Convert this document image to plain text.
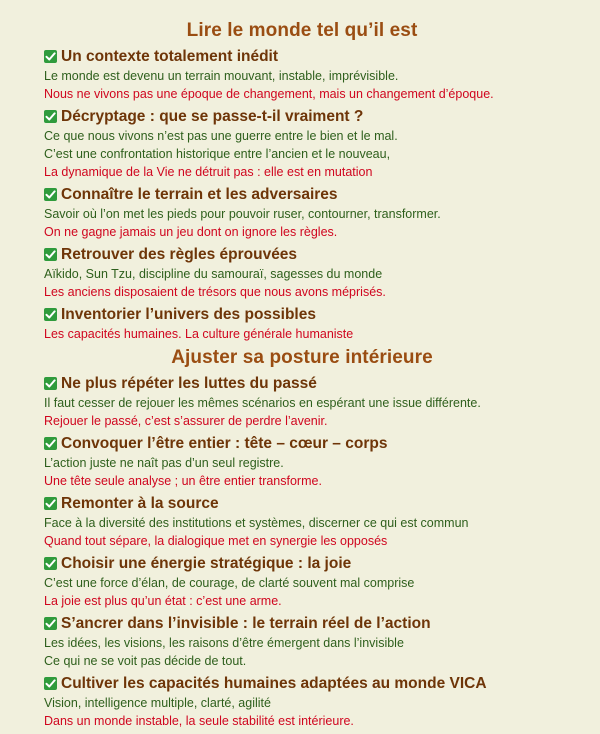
Lire le monde tel qu’il est
Un contexte totalement inédit
Le monde est devenu un terrain mouvant, instable, imprévisible.
Nous ne vivons pas une époque de changement, mais un changement d’époque.
Décryptage : que se passe-t-il vraiment ?
Ce que nous vivons n’est pas une guerre entre le bien et le mal.
C’est une confrontation historique entre l’ancien et le nouveau,
La dynamique de la Vie ne détruit pas : elle est en mutation
Connaître le terrain et les adversaires
Savoir où l’on met les pieds pour pouvoir ruser, contourner, transformer.
On ne gagne jamais un jeu dont on ignore les règles.
Retrouver des règles éprouvées
Aïkido, Sun Tzu, discipline du samouraï, sagesses du monde
Les anciens disposaient de trésors que nous avons méprisés.
Inventorier l’univers des possibles
Les capacités humaines. La culture générale humaniste
Ajuster sa posture intérieure
Ne plus répéter les luttes du passé
Il faut cesser de rejouer les mêmes scénarios en espérant une issue différente.
Rejouer le passé, c’est s’assurer de perdre l’avenir.
Convoquer l’être entier : tête – cœur – corps
L’action juste ne naît pas d’un seul registre.
Une tête seule analyse ; un être entier transforme.
Remonter à la source
Face à la diversité des institutions et systèmes, discerner ce qui est commun
Quand tout sépare, la dialogique met en synergie les opposés
Choisir une énergie stratégique : la joie
C’est une force d’élan, de courage, de clarté souvent mal comprise
La joie est plus qu’un état : c’est une arme.
S’ancrer dans l’invisible : le terrain réel de l’action
Les idées, les visions, les raisons d’être émergent dans l’invisible
Ce qui ne se voit pas décide de tout.
Cultiver les capacités humaines adaptées au monde VICA
Vision, intelligence multiple, clarté, agilité
Dans un monde instable, la seule stabilité est intérieure.
